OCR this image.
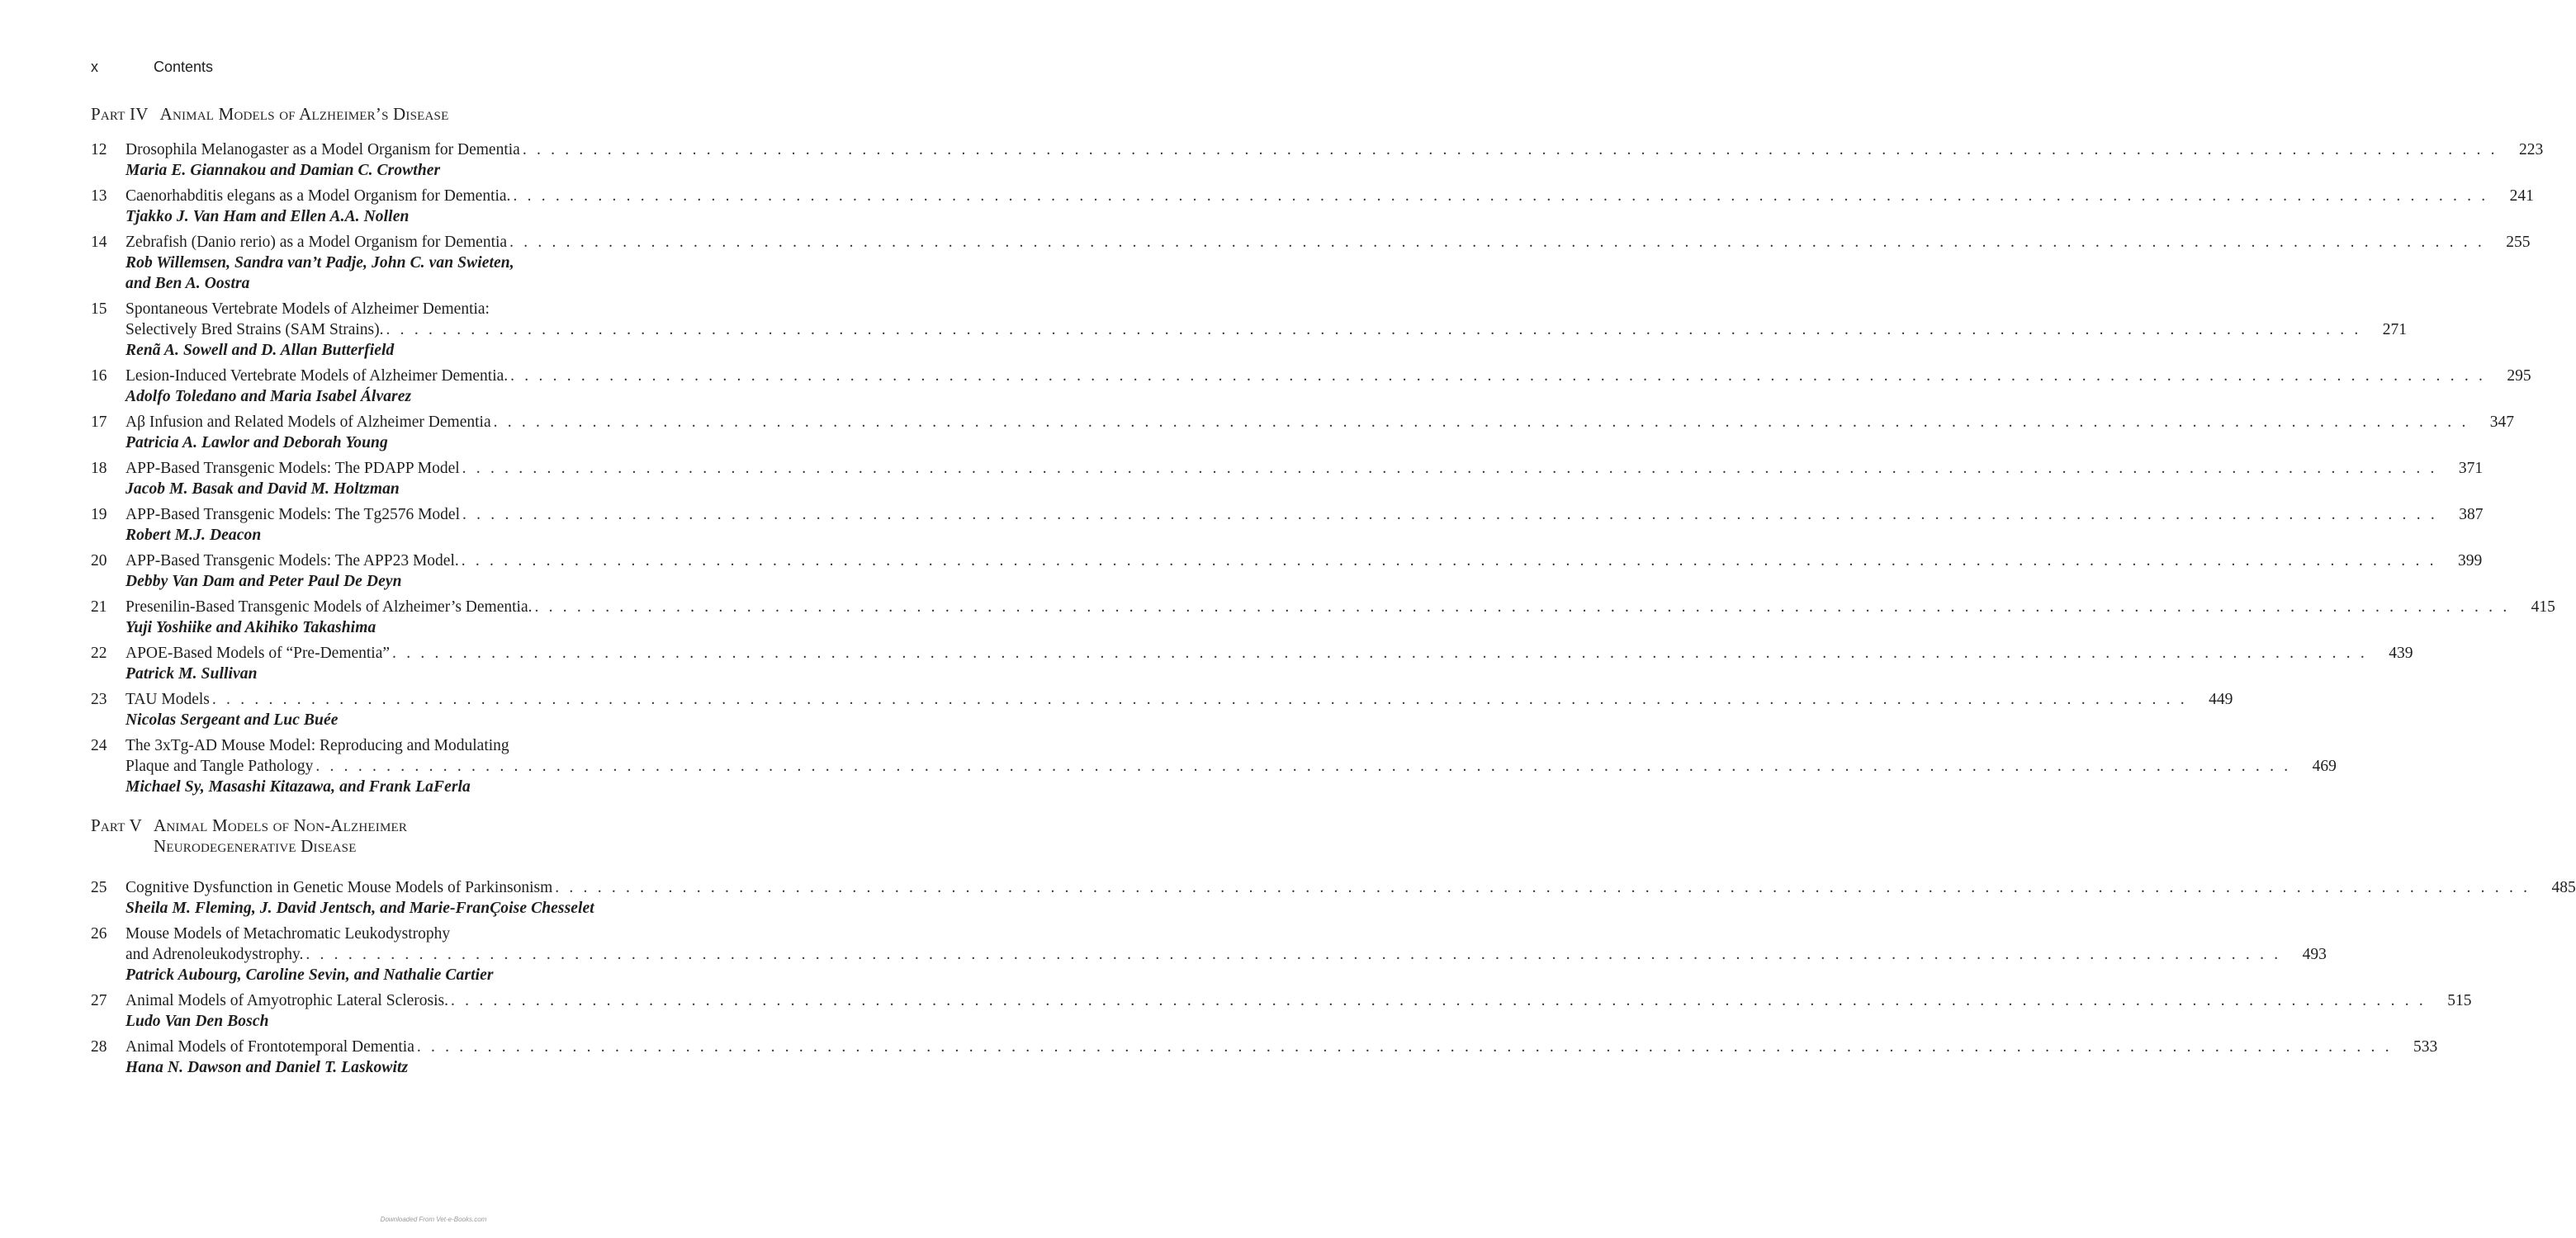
x	Contents
Part IV Animal Models of Alzheimer’s Disease
12	Drosophila Melanogaster as a Model Organism for Dementia . . . . . . . . . . . . . . . . . . . . . . . . . . . . . . . . . . . . . . . . . . . . . . . . . . . . . . . . . . . . . . . . . . . . . . . . . . . . . . . . . . . . . . . . . . . . . . . . . . . . . . . . . . . . . . . . . . . . . . . . . . . . . . . . . . . . . . . . . . . .	223
Maria E. Giannakou and Damian C. Crowther
13	Caenorhabditis elegans as a Model Organism for Dementia. . . . . . . . . . . . . . . . . . . . . . . . . . . . . . . . . . . . . . . . . . . . . . . . . . . . . . . . . . . . . . . . . . . . . . . . . . . . . . . . . . . . . . . . . . . . . . . . . . . . . . . . . . . . . . . . . . . . . . . . . . . . . . . . . . . . . . . . . . . . .	241
Tjakko J. Van Ham and Ellen A.A. Nollen
14	Zebrafish (Danio rerio) as a Model Organism for Dementia . . . . . . . . . . . . . . . . . . . . . . . . . . . . . . . . . . . . . . . . . . . . . . . . . . . . . . . . . . . . . . . . . . . . . . . . . . . . . . . . . . . . . . . . . . . . . . . . . . . . . . . . . . . . . . . . . . . . . . . . . . . . . . . . . . . . . . . . . . . .	255
Rob Willemsen, Sandra van’t Padje, John C. van Swieten,
and Ben A. Oostra
15	Spontaneous Vertebrate Models of Alzheimer Dementia:
Selectively Bred Strains (SAM Strains). . . . . . . . . . . . . . . . . . . . . . . . . . . . . . . . . . . . . . . . . . . . . . . . . . . . . . . . . . . . . . . . . . . . . . . . . . . . . . . . . . . . . . . . . . . . . . . . . . . . . . . . . . . . . . . . . . . . . . . . . . . . . . . . . . . . . . . . . . . . .	271
Renã A. Sowell and D. Allan Butterfield
16	Lesion-Induced Vertebrate Models of Alzheimer Dementia. . . . . . . . . . . . . . . . . . . . . . . . . . . . . . . . . . . . . . . . . . . . . . . . . . . . . . . . . . . . . . . . . . . . . . . . . . . . . . . . . . . . . . . . . . . . . . . . . . . . . . . . . . . . . . . . . . . . . . . . . . . . . . . . . . . . . . . . . . . . .	295
Adolfo Toledano and Maria Isabel Álvarez
17	Aβ Infusion and Related Models of Alzheimer Dementia . . . . . . . . . . . . . . . . . . . . . . . . . . . . . . . . . . . . . . . . . . . . . . . . . . . . . . . . . . . . . . . . . . . . . . . . . . . . . . . . . . . . . . . . . . . . . . . . . . . . . . . . . . . . . . . . . . . . . . . . . . . . . . . . . . . . . . . . . . . .	347
Patricia A. Lawlor and Deborah Young
18	APP-Based Transgenic Models: The PDAPP Model . . . . . . . . . . . . . . . . . . . . . . . . . . . . . . . . . . . . . . . . . . . . . . . . . . . . . . . . . . . . . . . . . . . . . . . . . . . . . . . . . . . . . . . . . . . . . . . . . . . . . . . . . . . . . . . . . . . . . . . . . . . . . . . . . . . . . . . . . . . .	371
Jacob M. Basak and David M. Holtzman
19	APP-Based Transgenic Models: The Tg2576 Model . . . . . . . . . . . . . . . . . . . . . . . . . . . . . . . . . . . . . . . . . . . . . . . . . . . . . . . . . . . . . . . . . . . . . . . . . . . . . . . . . . . . . . . . . . . . . . . . . . . . . . . . . . . . . . . . . . . . . . . . . . . . . . . . . . . . . . . . . . . .	387
Robert M.J. Deacon
20	APP-Based Transgenic Models: The APP23 Model. . . . . . . . . . . . . . . . . . . . . . . . . . . . . . . . . . . . . . . . . . . . . . . . . . . . . . . . . . . . . . . . . . . . . . . . . . . . . . . . . . . . . . . . . . . . . . . . . . . . . . . . . . . . . . . . . . . . . . . . . . . . . . . . . . . . . . . . . . . . .	399
Debby Van Dam and Peter Paul De Deyn
21	Presenilin-Based Transgenic Models of Alzheimer’s Dementia. . . . . . . . . . . . . . . . . . . . . . . . . . . . . . . . . . . . . . . . . . . . . . . . . . . . . . . . . . . . . . . . . . . . . . . . . . . . . . . . . . . . . . . . . . . . . . . . . . . . . . . . . . . . . . . . . . . . . . . . . . . . . . . . . . . . . . . . . . . . .	415
Yuji Yoshiike and Akihiko Takashima
22	APOE-Based Models of “Pre-Dementia” . . . . . . . . . . . . . . . . . . . . . . . . . . . . . . . . . . . . . . . . . . . . . . . . . . . . . . . . . . . . . . . . . . . . . . . . . . . . . . . . . . . . . . . . . . . . . . . . . . . . . . . . . . . . . . . . . . . . . . . . . . . . . . . . . . . . . . . . . . . .	439
Patrick M. Sullivan
23	TAU Models . . . . . . . . . . . . . . . . . . . . . . . . . . . . . . . . . . . . . . . . . . . . . . . . . . . . . . . . . . . . . . . . . . . . . . . . . . . . . . . . . . . . . . . . . . . . . . . . . . . . . . . . . . . . . . . . . . . . . . . . . . . . . . . . . . . . . . . . . . . .	449
Nicolas Sergeant and Luc Buée
24	The 3xTg-AD Mouse Model: Reproducing and Modulating
Plaque and Tangle Pathology . . . . . . . . . . . . . . . . . . . . . . . . . . . . . . . . . . . . . . . . . . . . . . . . . . . . . . . . . . . . . . . . . . . . . . . . . . . . . . . . . . . . . . . . . . . . . . . . . . . . . . . . . . . . . . . . . . . . . . . . . . . . . . . . . . . . . . . . . . . .	469
Michael Sy, Masashi Kitazawa, and Frank LaFerla
Part V Animal Models of Non-Alzheimer
Neurodegenerative Disease
25	Cognitive Dysfunction in Genetic Mouse Models of Parkinsonism . . . . . . . . . . . . . . . . . . . . . . . . . . . . . . . . . . . . . . . . . . . . . . . . . . . . . . . . . . . . . . . . . . . . . . . . . . . . . . . . . . . . . . . . . . . . . . . . . . . . . . . . . . . . . . . . . . . . . . . . . . . . . . . . . . . . . . . . . . . .	485
Sheila M. Fleming, J. David Jentsch, and Marie-FranÇoise Chesselet
26	Mouse Models of Metachromatic Leukodystrophy
and Adrenoleukodystrophy. . . . . . . . . . . . . . . . . . . . . . . . . . . . . . . . . . . . . . . . . . . . . . . . . . . . . . . . . . . . . . . . . . . . . . . . . . . . . . . . . . . . . . . . . . . . . . . . . . . . . . . . . . . . . . . . . . . . . . . . . . . . . . . . . . . . . . . . . . . . .	493
Patrick Aubourg, Caroline Sevin, and Nathalie Cartier
27	Animal Models of Amyotrophic Lateral Sclerosis. . . . . . . . . . . . . . . . . . . . . . . . . . . . . . . . . . . . . . . . . . . . . . . . . . . . . . . . . . . . . . . . . . . . . . . . . . . . . . . . . . . . . . . . . . . . . . . . . . . . . . . . . . . . . . . . . . . . . . . . . . . . . . . . . . . . . . . . . . . . .	515
Ludo Van Den Bosch
28	Animal Models of Frontotemporal Dementia . . . . . . . . . . . . . . . . . . . . . . . . . . . . . . . . . . . . . . . . . . . . . . . . . . . . . . . . . . . . . . . . . . . . . . . . . . . . . . . . . . . . . . . . . . . . . . . . . . . . . . . . . . . . . . . . . . . . . . . . . . . . . . . . . . . . . . . . . . . .	533
Hana N. Dawson and Daniel T. Laskowitz
Downloaded From Vet-e-Books.com
